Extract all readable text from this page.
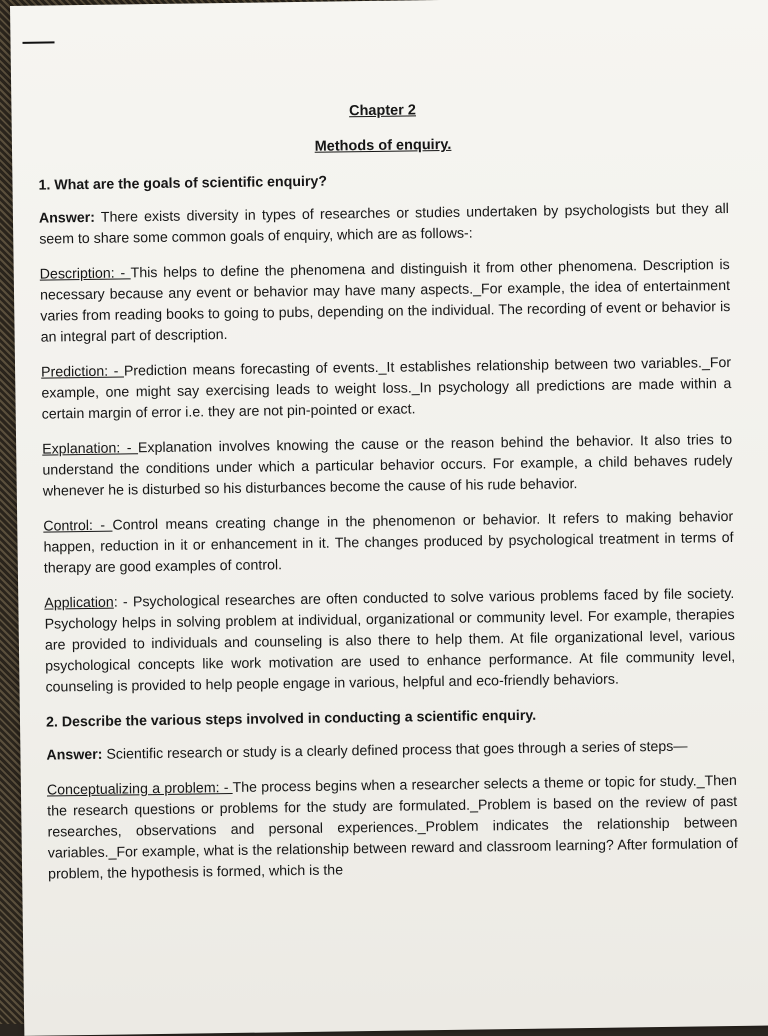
Chapter 2
Methods of enquiry.
1. What are the goals of scientific enquiry?

Answer: There exists diversity in types of researches or studies undertaken by psychologists but they all seem to share some common goals of enquiry, which are as follows-:

Description: - This helps to define the phenomena and distinguish it from other phenomena. Description is necessary because any event or behavior may have many aspects._For example, the idea of entertainment varies from reading books to going to pubs, depending on the individual. The recording of event or behavior is an integral part of description.

Prediction: - Prediction means forecasting of events._It establishes relationship between two variables._For example, one might say exercising leads to weight loss._In psychology all predictions are made within a certain margin of error i.e. they are not pin-pointed or exact.

Explanation: - Explanation involves knowing the cause or the reason behind the behavior. It also tries to understand the conditions under which a particular behavior occurs. For example, a child behaves rudely whenever he is disturbed so his disturbances become the cause of his rude behavior.

Control: - Control means creating change in the phenomenon or behavior. It refers to making behavior happen, reduction in it or enhancement in it. The changes produced by psychological treatment in terms of therapy are good examples of control.

Application: - Psychological researches are often conducted to solve various problems faced by file society. Psychology helps in solving problem at individual, organizational or community level. For example, therapies are provided to individuals and counseling is also there to help them. At file organizational level, various psychological concepts like work motivation are used to enhance performance. At file community level, counseling is provided to help people engage in various, helpful and eco-friendly behaviors.

2. Describe the various steps involved in conducting a scientific enquiry.

Answer: Scientific research or study is a clearly defined process that goes through a series of steps—

Conceptualizing a problem: - The process begins when a researcher selects a theme or topic for study._Then the research questions or problems for the study are formulated._Problem is based on the review of past researches, observations and personal experiences._Problem indicates the relationship between variables._For example, what is the relationship between reward and classroom learning? After formulation of problem, the hypothesis is formed, which is the
